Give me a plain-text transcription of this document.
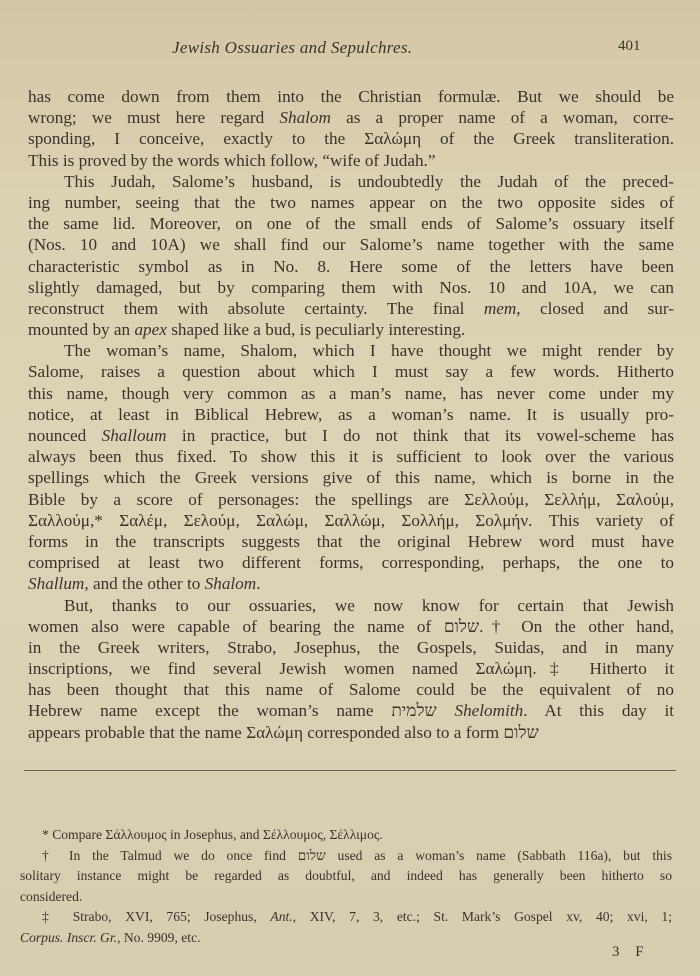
Jewish Ossuaries and Sepulchres.	401
has come down from them into the Christian formulæ. But we should be
wrong; we must here regard Shalom as a proper name of a woman, corre-
sponding, I conceive, exactly to the Σαλώμη of the Greek transliteration.
This is proved by the words which follow, “wife of Judah.”
This Judah, Salome’s husband, is undoubtedly the Judah of the preced-
ing number, seeing that the two names appear on the two opposite sides of
the same lid. Moreover, on one of the small ends of Salome’s ossuary itself
(Nos. 10 and 10A) we shall find our Salome’s name together with the same
characteristic symbol as in No. 8. Here some of the letters have been
slightly damaged, but by comparing them with Nos. 10 and 10A, we can
reconstruct them with absolute certainty. The final mem, closed and sur-
mounted by an apex shaped like a bud, is peculiarly interesting.
The woman’s name, Shalom, which I have thought we might render by
Salome, raises a question about which I must say a few words. Hitherto
this name, though very common as a man’s name, has never come under my
notice, at least in Biblical Hebrew, as a woman’s name. It is usually pro-
nounced Shalloum in practice, but I do not think that its vowel-scheme has
always been thus fixed. To show this it is sufficient to look over the various
spellings which the Greek versions give of this name, which is borne in the
Bible by a score of personages: the spellings are Σελλούμ, Σελλήμ, Σαλούμ,
Σαλλούμ,* Σαλέμ, Σελούμ, Σαλώμ, Σαλλώμ, Σολλήμ, Σολμήν. This variety of
forms in the transcripts suggests that the original Hebrew word must have
comprised at least two different forms, corresponding, perhaps, the one to
Shallum, and the other to Shalom.
But, thanks to our ossuaries, we now know for certain that Jewish
women also were capable of bearing the name of שלום.† On the other hand,
in the Greek writers, Strabo, Josephus, the Gospels, Suidas, and in many
inscriptions, we find several Jewish women named Σαλώμη.‡ Hitherto it
has been thought that this name of Salome could be the equivalent of no
Hebrew name except the woman’s name שלמית Shelomith. At this day it
appears probable that the name Σαλώμη corresponded also to a form שלום
* Compare Σάλλουμος in Josephus, and Σέλλουμος, Σέλλιμος.
† In the Talmud we do once find שלום used as a woman’s name (Sabbath 116a), but this
solitary instance might be regarded as doubtful, and indeed has generally been hitherto so
considered.
‡ Strabo, XVI, 765; Josephus, Ant., XIV, 7, 3, etc.; St. Mark’s Gospel xv, 40; xvi, 1;
Corpus. Inscr. Gr., No. 9909, etc.
3 F
